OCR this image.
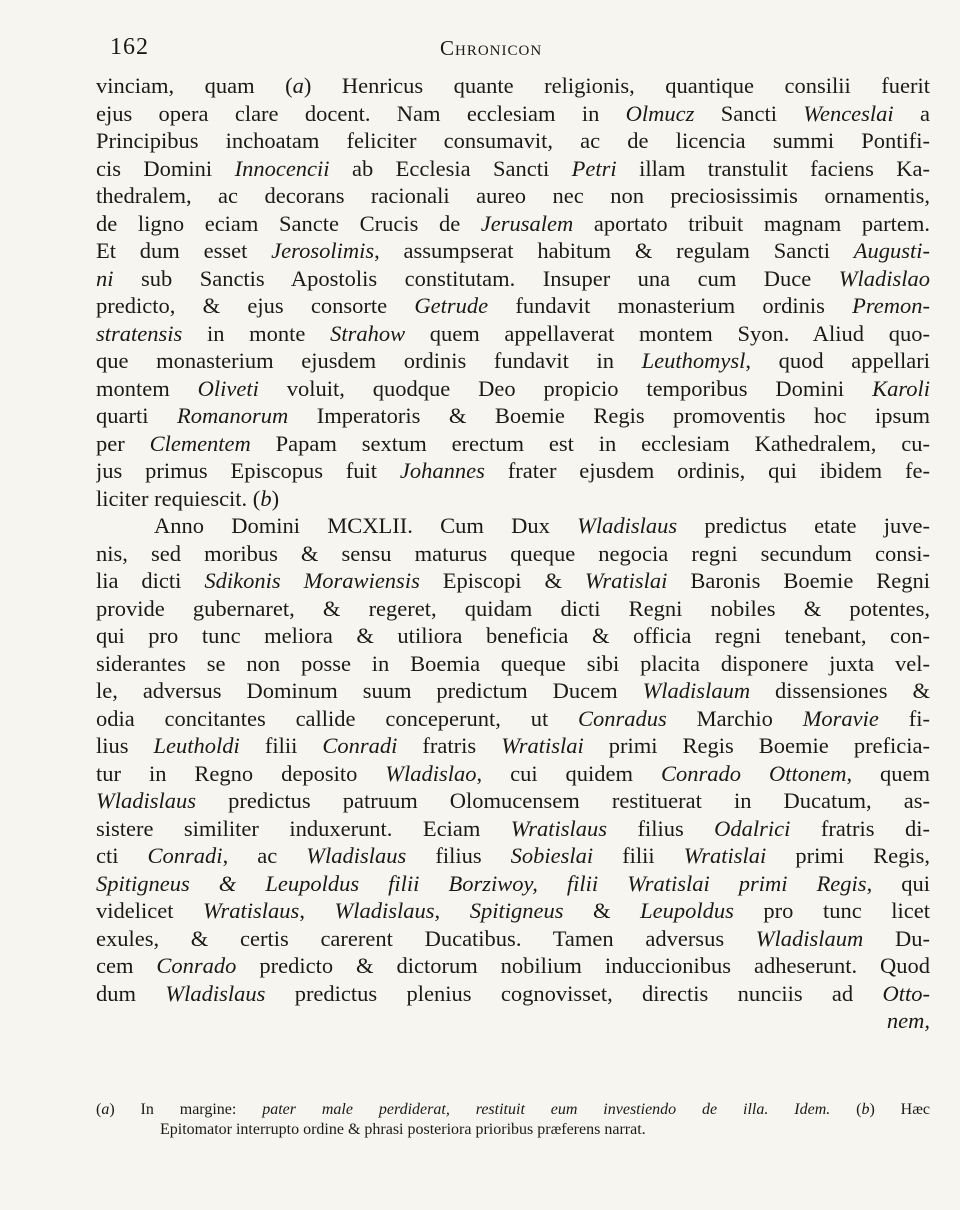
162	Chronicon
vinciam, quam (a) Henricus quante religionis, quantique consilii fuerit
ejus opera clare docent. Nam ecclesiam in Olmucz Sancti Wenceslai a
Principibus inchoatam feliciter consumavit, ac de licencia summi Pontifi-
cis Domini Innocencii ab Ecclesia Sancti Petri illam transtulit faciens Ka-
thedralem, ac decorans racionali aureo nec non preciosissimis ornamentis,
de ligno eciam Sancte Crucis de Jerusalem aportato tribuit magnam partem.
Et dum esset Jerosolimis, assumpserat habitum & regulam Sancti Augusti-
ni sub Sanctis Apostolis constitutam. Insuper una cum Duce Wladislao
predicto, & ejus consorte Getrude fundavit monasterium ordinis Premon-
stratensis in monte Strahow quem appellaverat montem Syon. Aliud quo-
que monasterium ejusdem ordinis fundavit in Leuthomysl, quod appellari
montem Oliveti voluit, quodque Deo propicio temporibus Domini Karoli
quarti Romanorum Imperatoris & Boemie Regis promoventis hoc ipsum
per Clementem Papam sextum erectum est in ecclesiam Kathedralem, cu-
jus primus Episcopus fuit Johannes frater ejusdem ordinis, qui ibidem fe-
liciter requiescit. (b)
Anno Domini MCXLII. Cum Dux Wladislaus predictus etate juve-
nis, sed moribus & sensu maturus queque negocia regni secundum consi-
lia dicti Sdikonis Morawiensis Episcopi & Wratislai Baronis Boemie Regni
provide gubernaret, & regeret, quidam dicti Regni nobiles & potentes,
qui pro tunc meliora & utiliora beneficia & officia regni tenebant, con-
siderantes se non posse in Boemia queque sibi placita disponere juxta vel-
le, adversus Dominum suum predictum Ducem Wladislaum dissensiones &
odia concitantes callide conceperunt, ut Conradus Marchio Moravie fi-
lius Leutholdi filii Conradi fratris Wratislai primi Regis Boemie preficia-
tur in Regno deposito Wladislao, cui quidem Conrado Ottonem, quem
Wladislaus predictus patruum Olomucensem restituerat in Ducatum, as-
sistere similiter induxerunt. Eciam Wratislaus filius Odalrici fratris di-
cti Conradi, ac Wladislaus filius Sobieslai filii Wratislai primi Regis,
Spitigneus & Leupoldus filii Borziwoy, filii Wratislai primi Regis, qui
videlicet Wratislaus, Wladislaus, Spitigneus & Leupoldus pro tunc licet
exules, & certis carerent Ducatibus. Tamen adversus Wladislaum Du-
cem Conrado predicto & dictorum nobilium induccionibus adheserunt. Quod
dum Wladislaus predictus plenius cognovisset, directis nunciis ad Otto-
nem,
(a) In margine: pater male perdiderat, restituit eum investiendo de illa. Idem. (b) Hæc
Epitomator interrupto ordine & phrasi posteriora prioribus præferens narrat.
